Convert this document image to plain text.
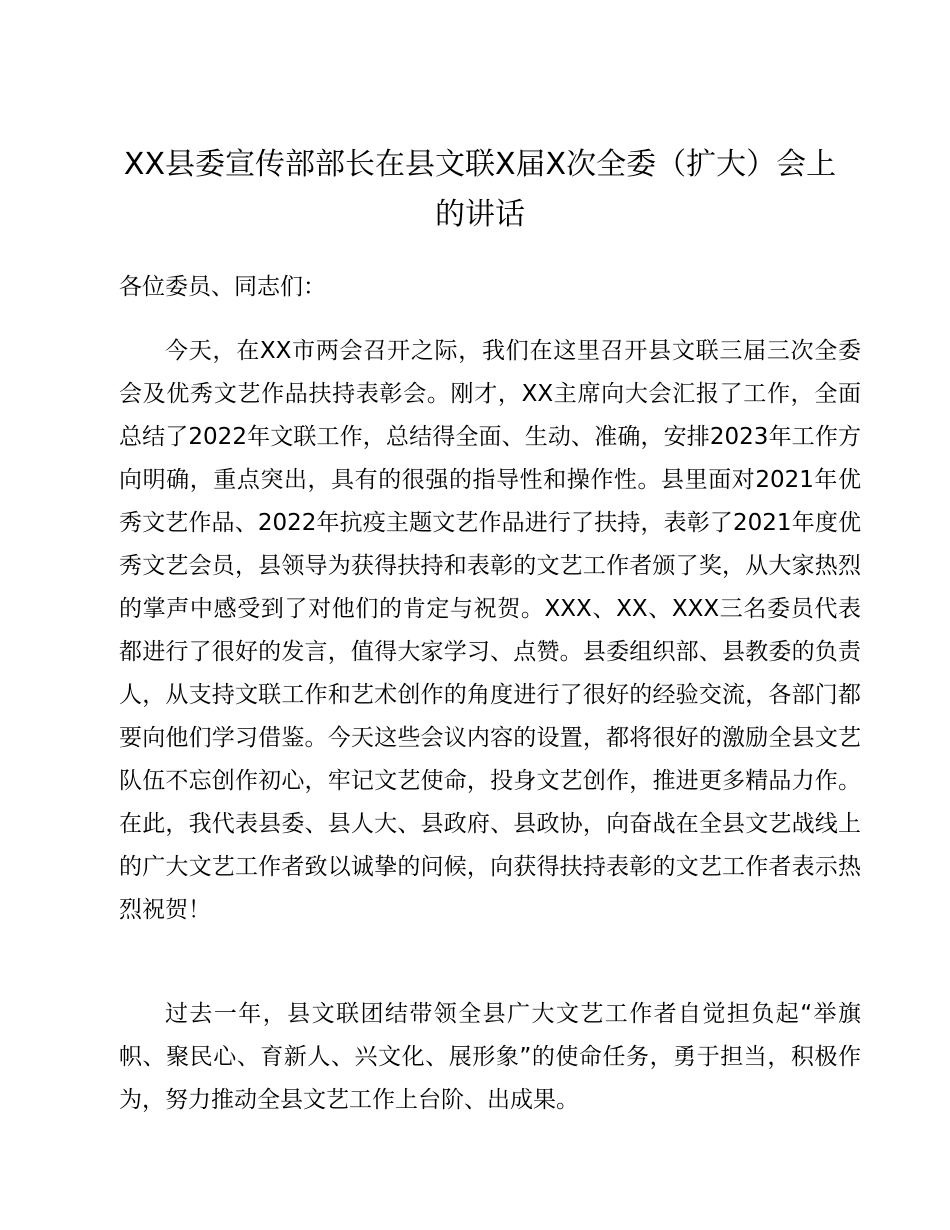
XX县委宣传部部长在县文联X届X次全委（扩大）会上的讲话

各位委员、同志们：

今天，在XX市两会召开之际，我们在这里召开县文联三届三次全委会及优秀文艺作品扶持表彰会。刚才，XX主席向大会汇报了工作，全面总结了2022年文联工作，总结得全面、生动、准确，安排2023年工作方向明确，重点突出，具有的很强的指导性和操作性。县里面对2021年优秀文艺作品、2022年抗疫主题文艺作品进行了扶持，表彰了2021年度优秀文艺会员，县领导为获得扶持和表彰的文艺工作者颁了奖，从大家热烈的掌声中感受到了对他们的肯定与祝贺。XXX、XX、XXX三名委员代表都进行了很好的发言，值得大家学习、点赞。县委组织部、县教委的负责人，从支持文联工作和艺术创作的角度进行了很好的经验交流，各部门都要向他们学习借鉴。今天这些会议内容的设置，都将很好的激励全县文艺队伍不忘创作初心，牢记文艺使命，投身文艺创作，推进更多精品力作。在此，我代表县委、县人大、县政府、县政协，向奋战在全县文艺战线上的广大文艺工作者致以诚挚的问候，向获得扶持表彰的文艺工作者表示热烈祝贺！

过去一年，县文联团结带领全县广大文艺工作者自觉担负起“举旗帜、聚民心、育新人、兴文化、展形象”的使命任务，勇于担当，积极作为，努力推动全县文艺工作上台阶、出成果。
